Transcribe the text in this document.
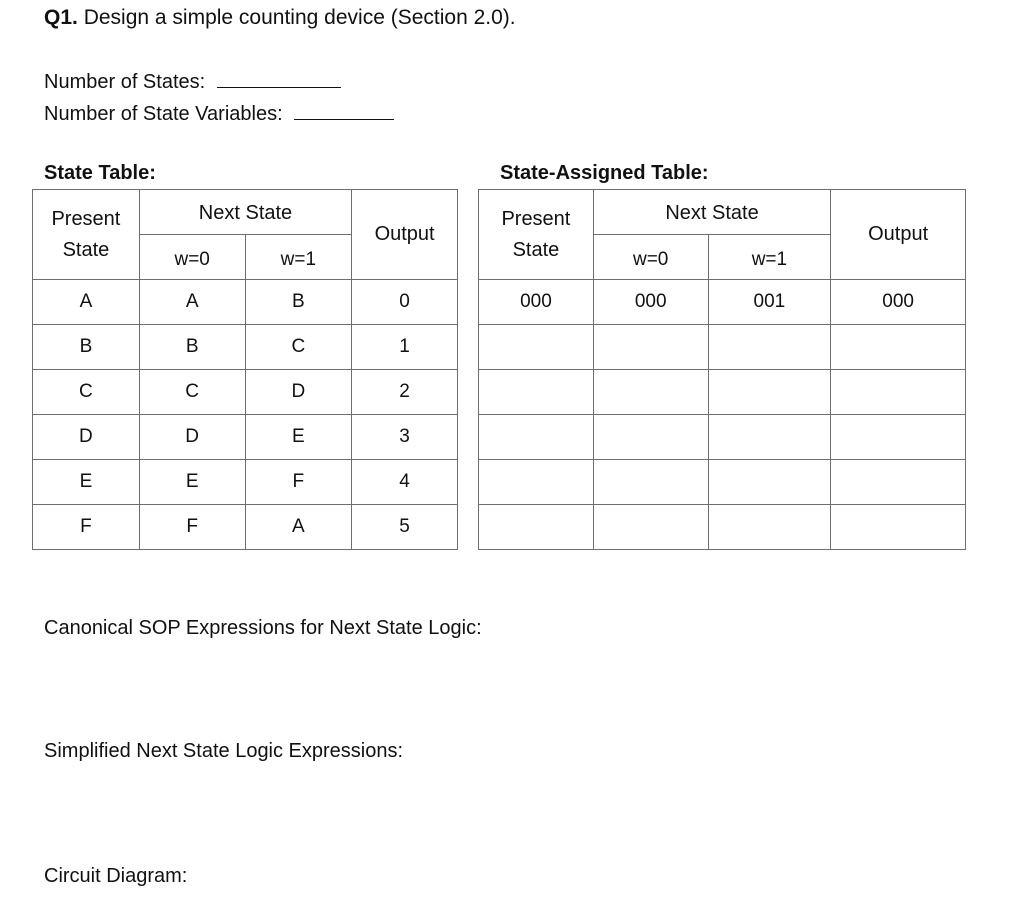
Q1. Design a simple counting device (Section 2.0).
Number of States:
Number of State Variables:
State Table:	State-Assigned Table:
Present
State	Next State		Output
	w=0	w=1	
A	A	B	0
B	B	C	1
C	C	D	2
D	D	E	3
E	E	F	4
F	F	A	5
Present
State	Next State		Output
	w=0	w=1	
000	000	001	000

Canonical SOP Expressions for Next State Logic:
Simplified Next State Logic Expressions:
Circuit Diagram:
